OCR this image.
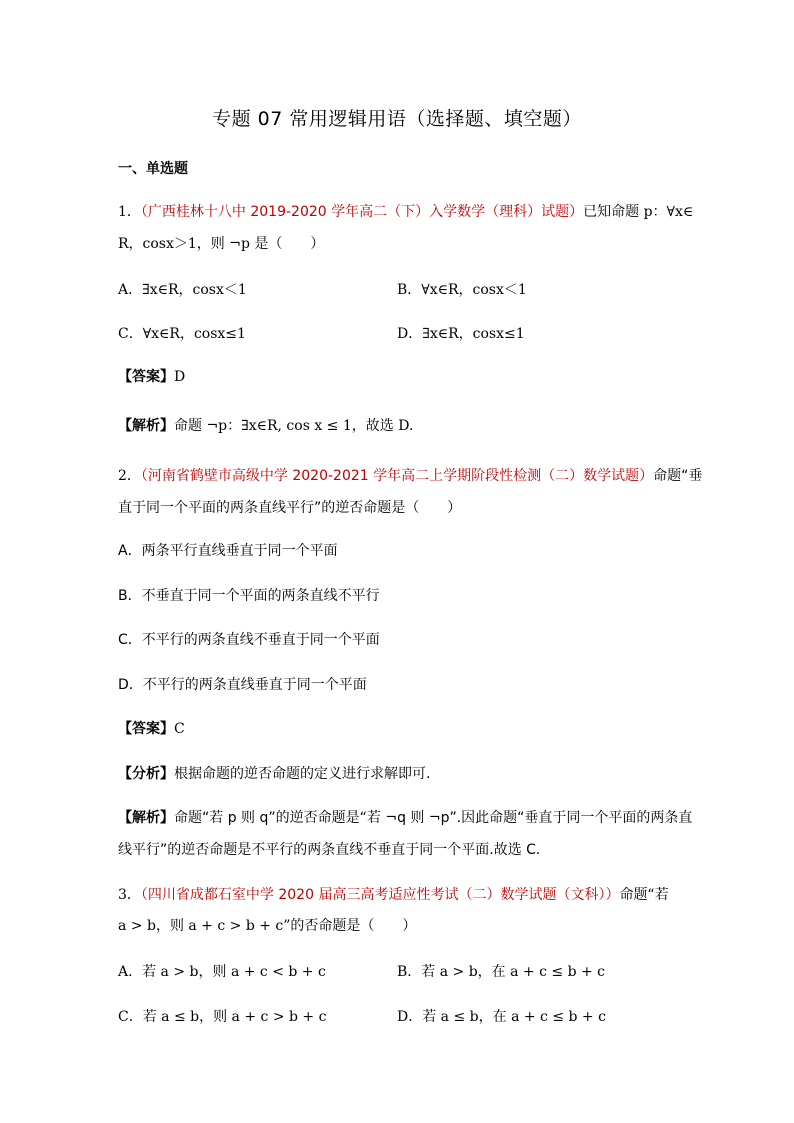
专题 07 常用逻辑用语（选择题、填空题）
一、单选题
1．（广西桂林十八中 2019-2020 学年高二（下）入学数学（理科）试题）已知命题 p：∀x∈
R，cosx＞1，则 ¬p 是（　　）
A．∃x∈R，cosx＜1	B．∀x∈R，cosx＜1
C．∀x∈R，cosx≤1	D．∃x∈R，cosx≤1
【答案】D
【解析】命题 ¬p：∃x∈R, cos x ≤ 1，故选 D.
2．（河南省鹤壁市高级中学 2020-2021 学年高二上学期阶段性检测（二）数学试题）命题“垂
直于同一个平面的两条直线平行”的逆否命题是（　　）
A．两条平行直线垂直于同一个平面
B．不垂直于同一个平面的两条直线不平行
C．不平行的两条直线不垂直于同一个平面
D．不平行的两条直线垂直于同一个平面
【答案】C
【分析】根据命题的逆否命题的定义进行求解即可.
【解析】命题“若 p 则 q”的逆否命题是“若 ¬q 则 ¬p”.因此命题“垂直于同一个平面的两条直
线平行”的逆否命题是不平行的两条直线不垂直于同一个平面.故选 C.
3．（四川省成都石室中学 2020 届高三高考适应性考试（二）数学试题（文科））命题“若
a > b，则 a + c > b + c”的否命题是（　　）
A．若 a > b，则 a + c < b + c	B．若 a > b，在 a + c ≤ b + c
C．若 a ≤ b，则 a + c > b + c	D．若 a ≤ b，在 a + c ≤ b + c
